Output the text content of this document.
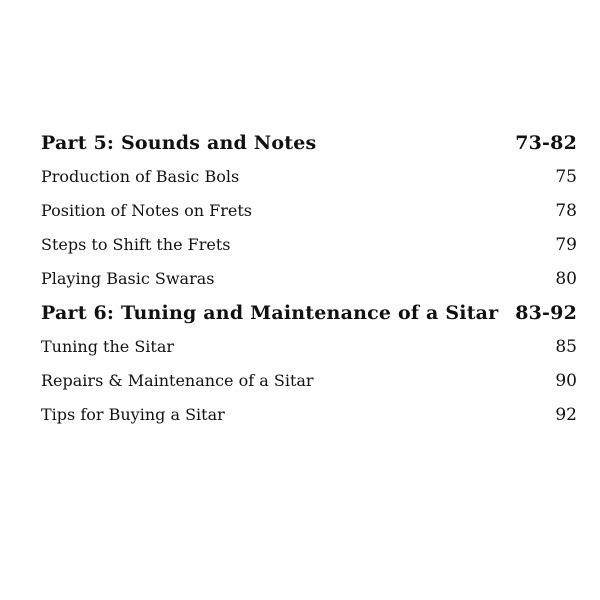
Part 5: Sounds and Notes	73-82
Production of Basic Bols	75
Position of Notes on Frets	78
Steps to Shift the Frets	79
Playing Basic Swaras	80
Part 6: Tuning and Maintenance of a Sitar 83-92
Tuning the Sitar	85
Repairs & Maintenance of a Sitar	90
Tips for Buying a Sitar	92
